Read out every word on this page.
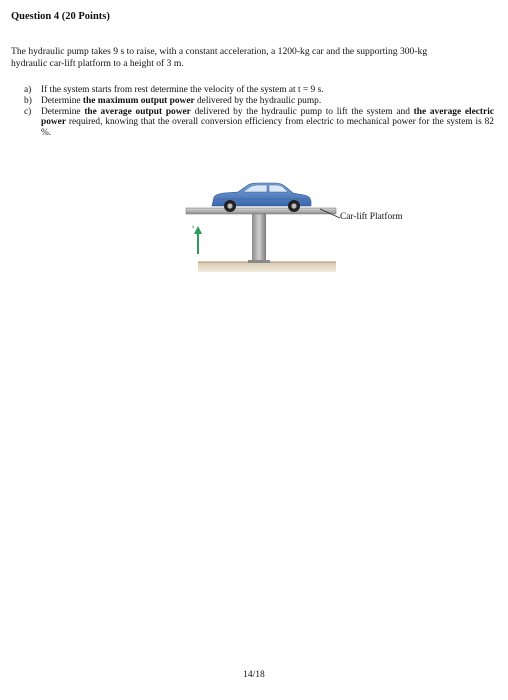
Question 4 (20 Points)
The hydraulic pump takes 9 s to raise, with a constant acceleration, a 1200-kg car and the supporting 300-kg
hydraulic car-lift platform to a height of 3 m.
a) If the system starts from rest determine the velocity of the system at t = 9 s.
b) Determine the maximum output power delivered by the hydraulic pump.
c) Determine the average output power delivered by the hydraulic pump to lift the system and the average electric power required, knowing that the overall conversion efficiency from electric to mechanical power for the system is 82 %.
a
Car-lift Platform
14/18
